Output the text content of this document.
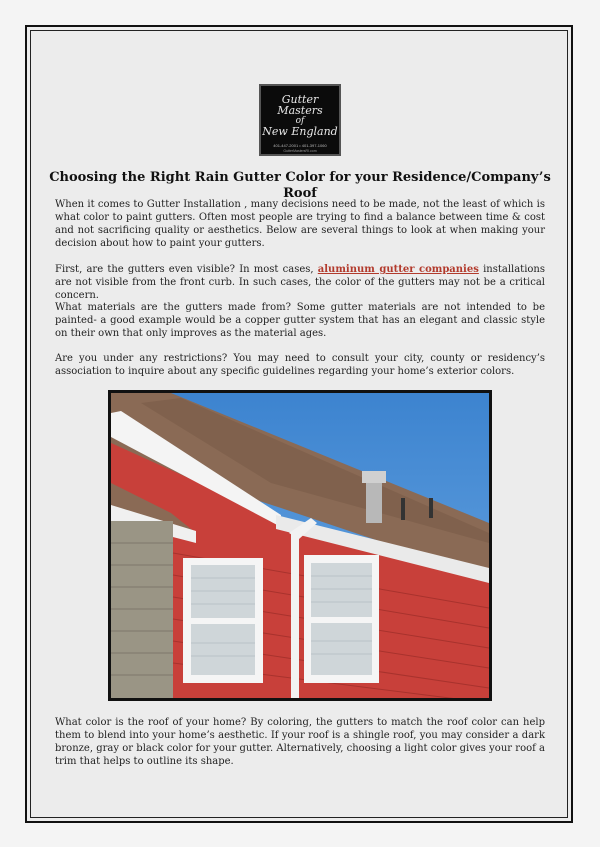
Gutter Masters
of
New England
401-447-2001 • 401-397-1060
GutterMastersRI.com
Choosing the Right Rain Gutter Color for your Residence/Company’s Roof

When it comes to Gutter Installation , many decisions need to be made, not the least of which is what color to paint gutters. Often most people are trying to find a balance between time & cost and not sacrificing quality or aesthetics. Below are several things to look at when making your decision about how to paint your gutters.

First, are the gutters even visible? In most cases, aluminum gutter companies installations are not visible from the front curb. In such cases, the color of the gutters may not be a critical concern.

What materials are the gutters made from? Some gutter materials are not intended to be painted- a good example would be a copper gutter system that has an elegant and classic style on their own that only improves as the material ages.

Are you under any restrictions? You may need to consult your city, county or residency’s association to inquire about any specific guidelines regarding your home’s exterior colors.

What color is the roof of your home? By coloring, the gutters to match the roof color can help them to blend into your home’s aesthetic. If your roof is a shingle roof, you may consider a dark bronze, gray or black color for your gutter. Alternatively, choosing a light color gives your roof a trim that helps to outline its shape.
